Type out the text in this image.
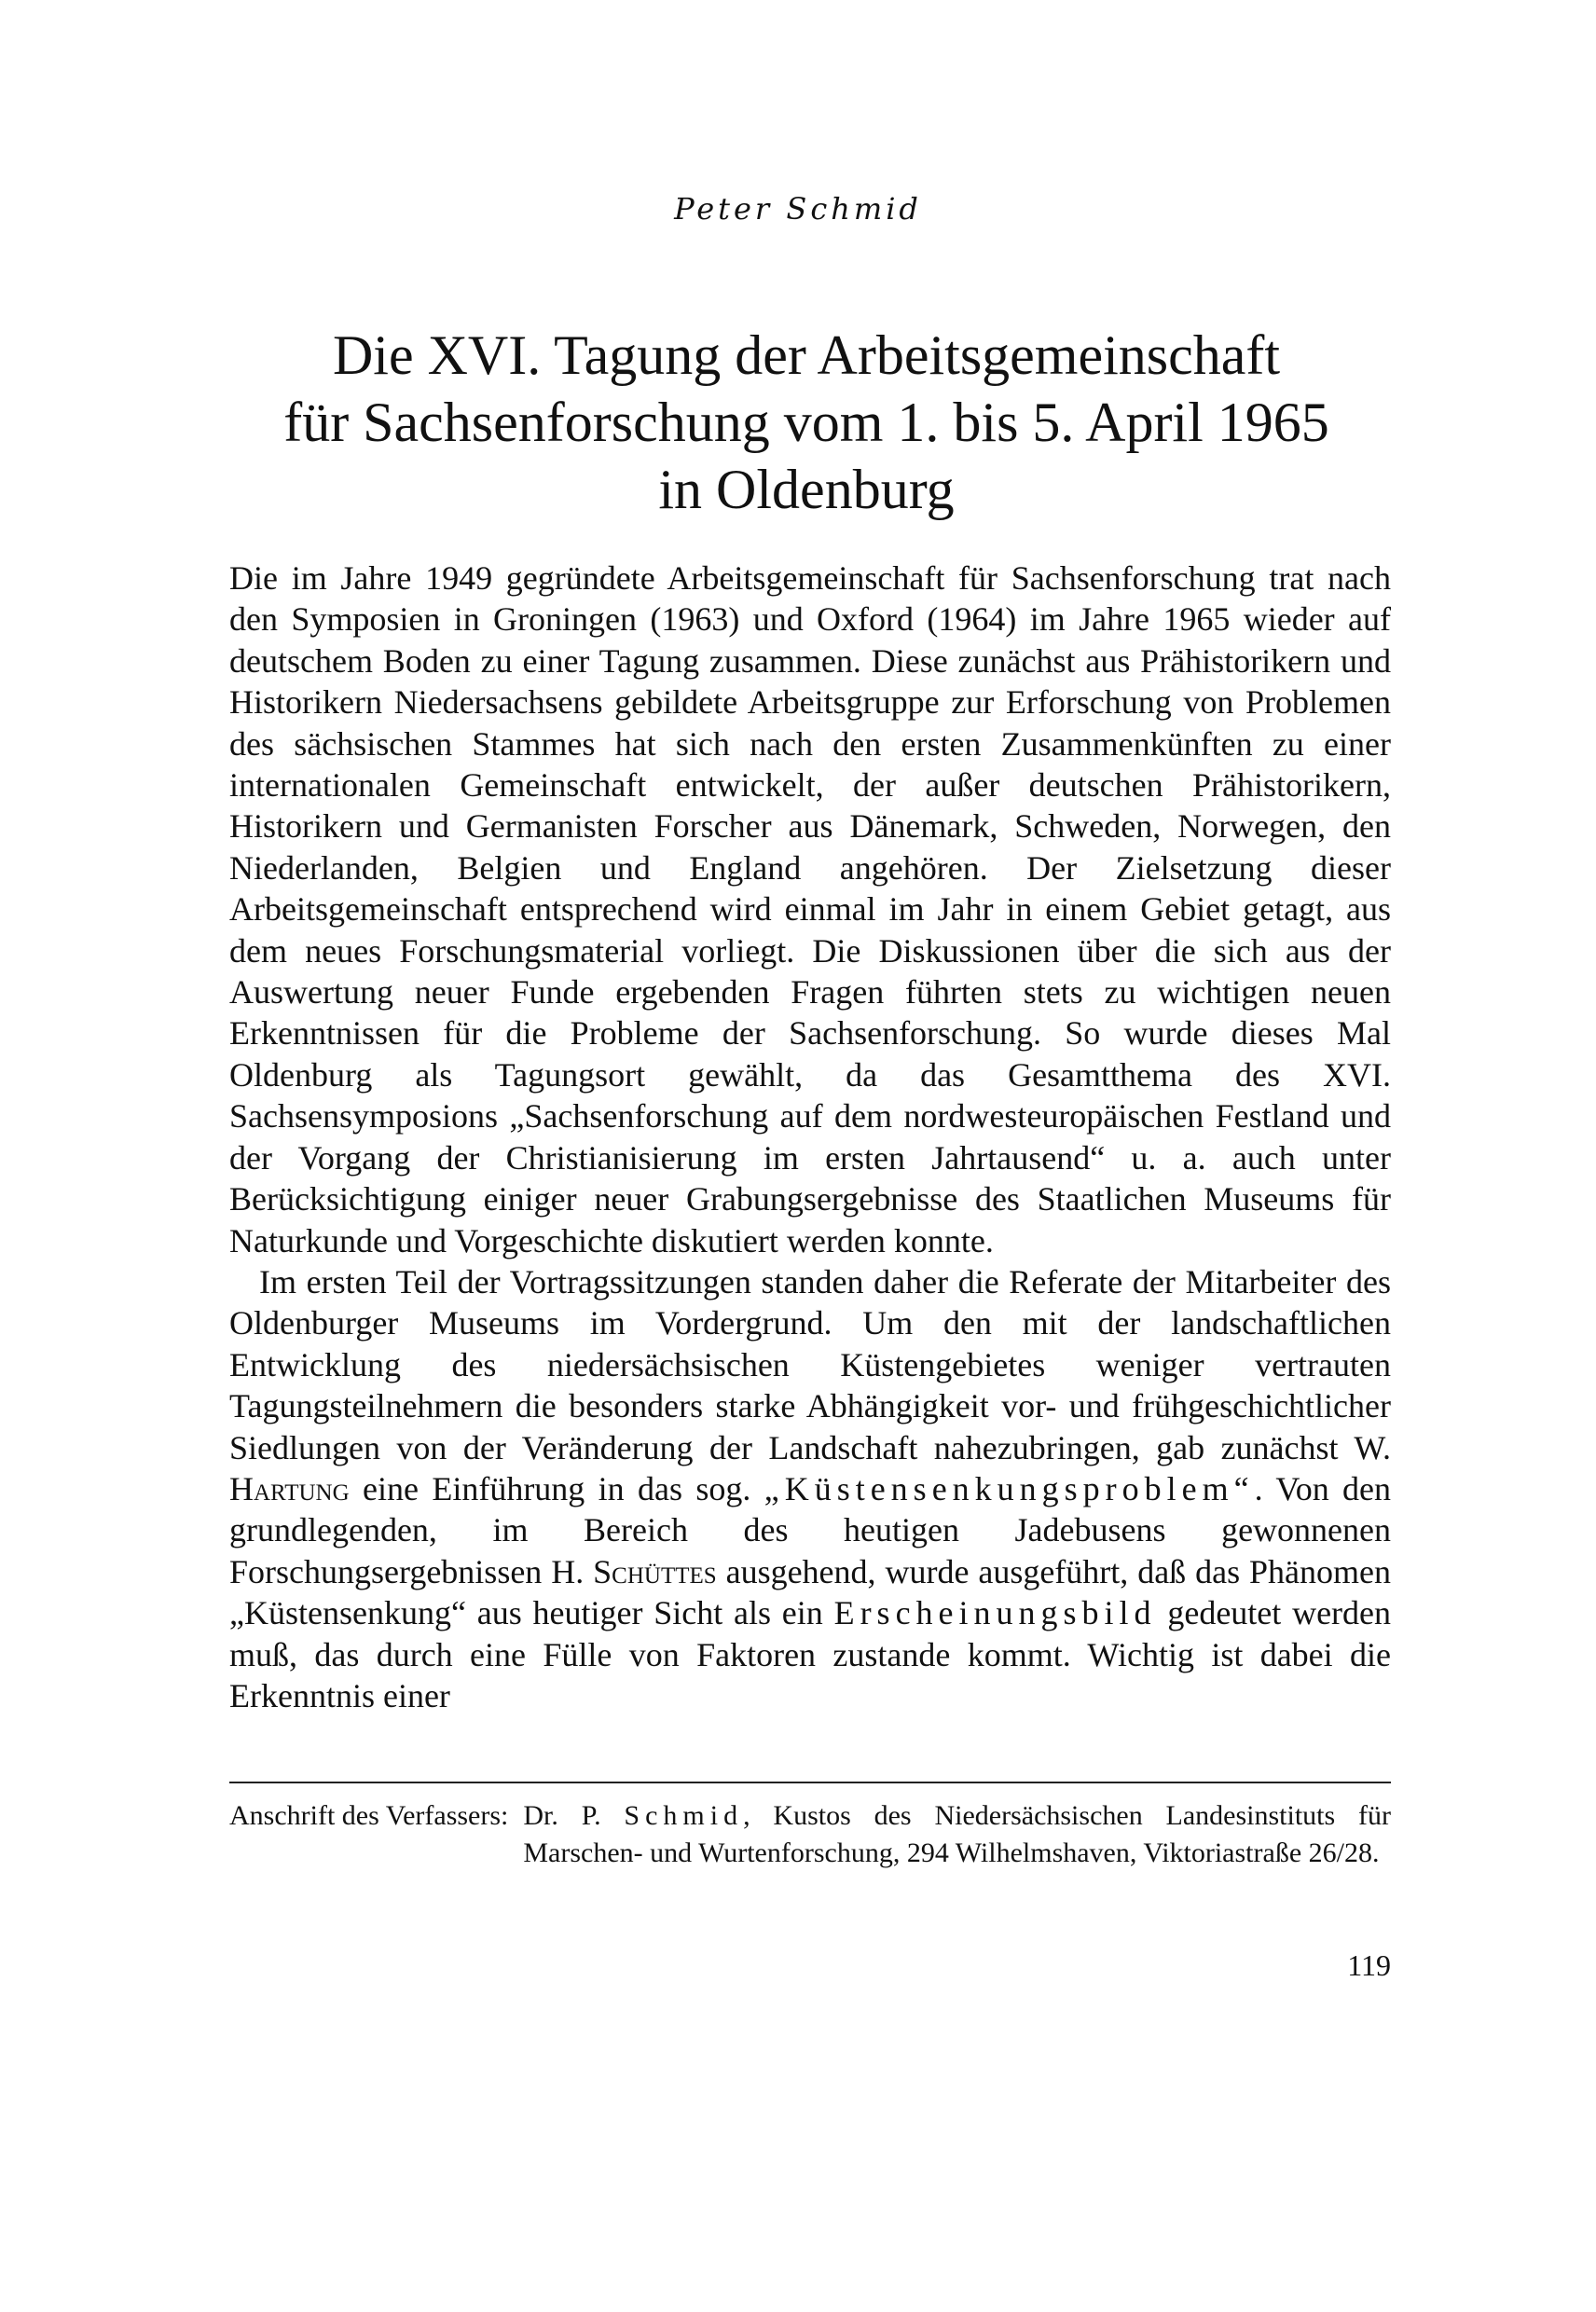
Peter Schmid
Die XVI. Tagung der Arbeitsgemeinschaft
für Sachsenforschung vom 1. bis 5. April 1965
in Oldenburg

Die im Jahre 1949 gegründete Arbeitsgemeinschaft für Sachsenforschung trat nach den Symposien in Groningen (1963) und Oxford (1964) im Jahre 1965 wieder auf deutschem Boden zu einer Tagung zusammen. Diese zunächst aus Prähistorikern und Historikern Niedersachsens gebildete Arbeitsgruppe zur Erforschung von Problemen des sächsischen Stammes hat sich nach den ersten Zusammenkünften zu einer internationalen Gemeinschaft entwickelt, der außer deutschen Prähistorikern, Historikern und Germanisten Forscher aus Dänemark, Schweden, Norwegen, den Niederlanden, Belgien und England angehören. Der Zielsetzung dieser Arbeitsgemeinschaft entsprechend wird einmal im Jahr in einem Gebiet getagt, aus dem neues Forschungsmaterial vorliegt. Die Diskussionen über die sich aus der Auswertung neuer Funde ergebenden Fragen führten stets zu wichtigen neuen Erkenntnissen für die Probleme der Sachsenforschung. So wurde dieses Mal Oldenburg als Tagungsort gewählt, da das Gesamtthema des XVI. Sachsensymposions „Sachsenforschung auf dem nordwesteuropäischen Festland und der Vorgang der Christianisierung im ersten Jahrtausend“ u. a. auch unter Berücksichtigung einiger neuer Grabungsergebnisse des Staatlichen Museums für Naturkunde und Vorgeschichte diskutiert werden konnte.

Im ersten Teil der Vortragssitzungen standen daher die Referate der Mitarbeiter des Oldenburger Museums im Vordergrund. Um den mit der landschaftlichen Entwicklung des niedersächsischen Küstengebietes weniger vertrauten Tagungsteilnehmern die besonders starke Abhängigkeit vor- und frühgeschichtlicher Siedlungen von der Veränderung der Landschaft nahezubringen, gab zunächst W. Hartung eine Einführung in das sog. „Küstensenkungsproblem“. Von den grundlegenden, im Bereich des heutigen Jadebusens gewonnenen Forschungsergebnissen H. Schüttes ausgehend, wurde ausgeführt, daß das Phänomen „Küstensenkung“ aus heutiger Sicht als ein Erscheinungsbild gedeutet werden muß, das durch eine Fülle von Faktoren zustande kommt. Wichtig ist dabei die Erkenntnis einer

Anschrift des Verfassers: Dr. P. Schmid, Kustos des Niedersächsischen Landesinstituts für Marschen- und Wurtenforschung, 294 Wilhelmshaven, Viktoriastraße 26/28.
119
